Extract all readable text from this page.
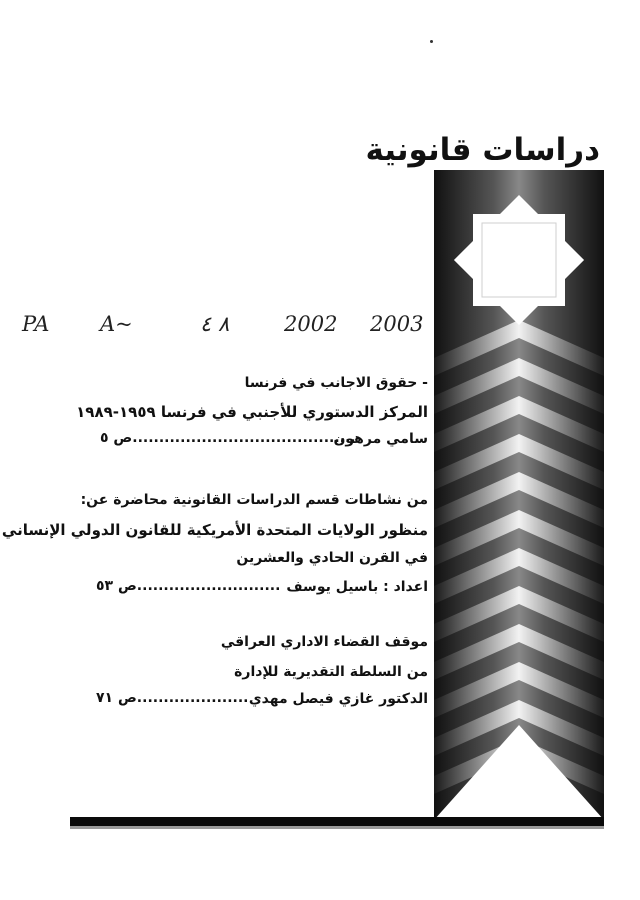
دراسات قانونية
PA A~	٨ ٤	2002 2003
- حقوق الاجانب في فرنسا
المركز الدستوري للأجنبي في فرنسا ١٩٥٩-١٩٨٩
سامي مرهون
..........................................ص ٥
من نشاطات قسم الدراسات القانونية محاضرة عن:
منظور الولايات المتحدة الأمريكية للقانون الدولي الإنساني
في القرن الحادي والعشرين
اعداد : باسيل يوسف
...........................ص ٥٣
موقف القضاء الاداري العراقي
من السلطة التقديرية للإدارة
الدكتور غازي فيصل مهدي
.....................ص ٧١
